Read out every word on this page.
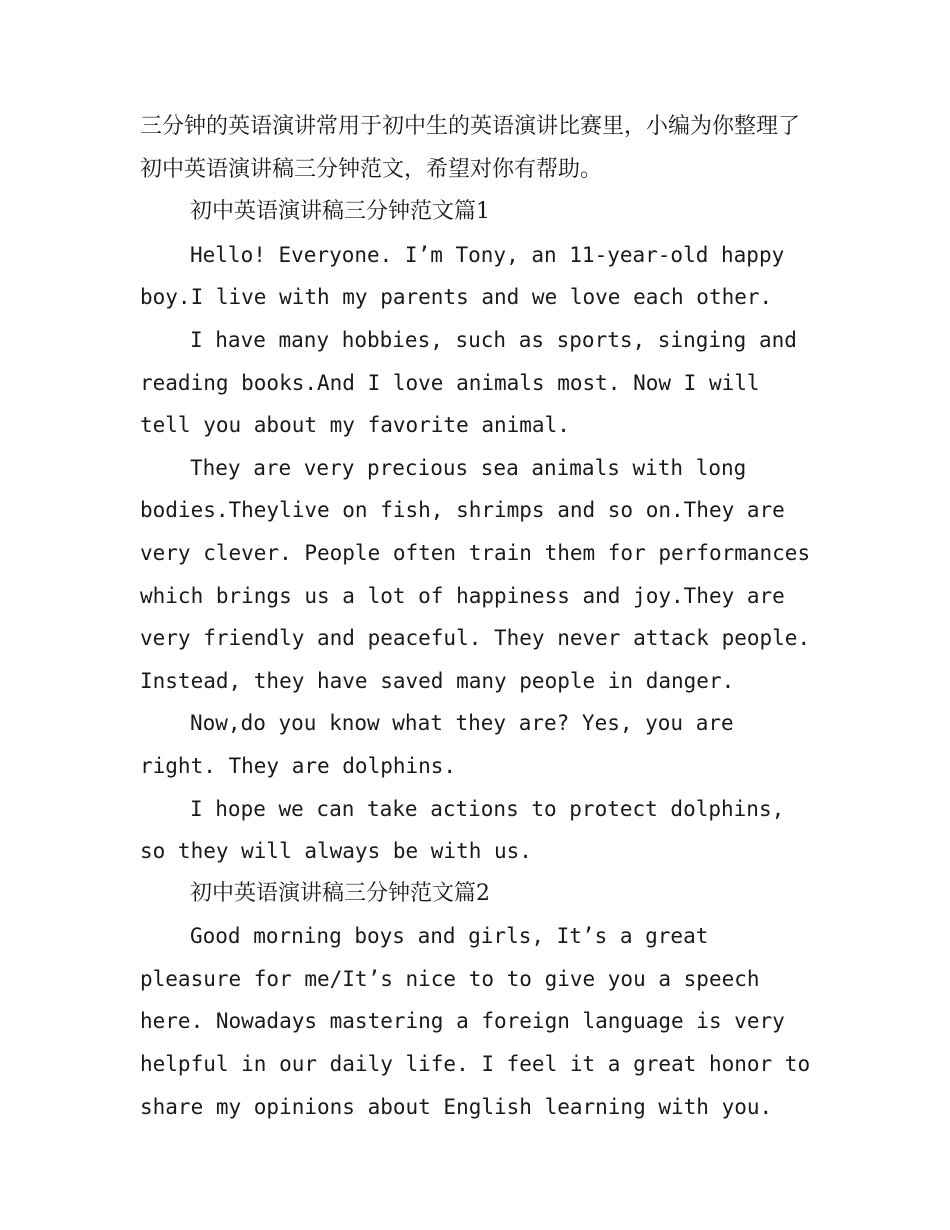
三分钟的英语演讲常用于初中生的英语演讲比赛里，小编为你整理了初中英语演讲稿三分钟范文，希望对你有帮助。

初中英语演讲稿三分钟范文篇1

Hello! Everyone. I’m Tony, an 11-year-old happy boy.I live with my parents and we love each other.

I have many hobbies, such as sports, singing and reading books.And I love animals most. Now I will tell you about my favorite animal.

They are very precious sea animals with long bodies.Theylive on fish, shrimps and so on.They are very clever. People often train them for performances which brings us a lot of happiness and joy.They are very friendly and peaceful. They never attack people. Instead, they have saved many people in danger.

Now,do you know what they are? Yes, you are right. They are dolphins.

I hope we can take actions to protect dolphins, so they will always be with us.

初中英语演讲稿三分钟范文篇2

Good morning boys and girls, It’s a great pleasure for me/It’s nice to to give you a speech here. Nowadays mastering a foreign language is very helpful in our daily life. I feel it a great honor to share my opinions about English learning with you.
